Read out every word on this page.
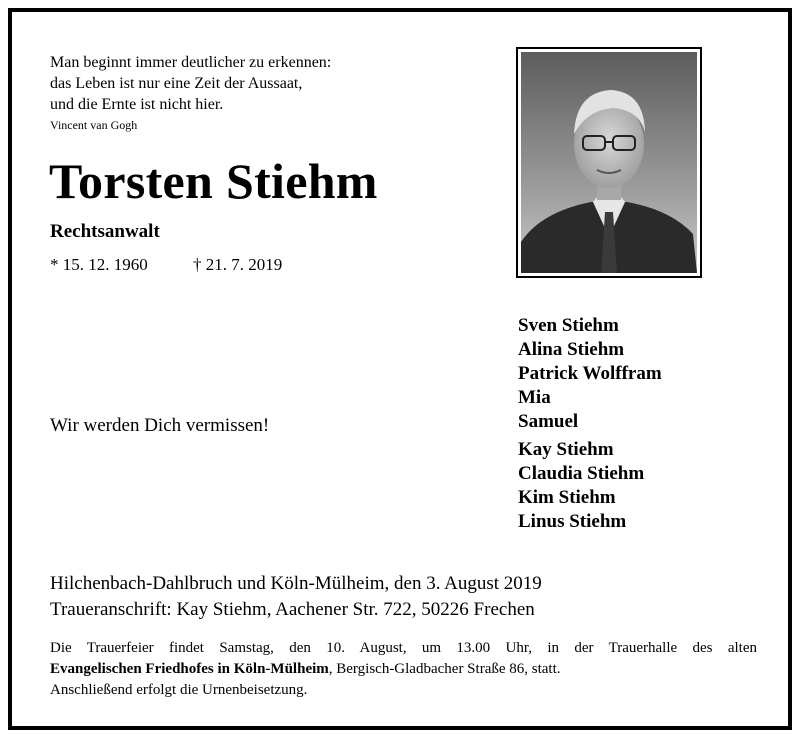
Man beginnt immer deutlicher zu erkennen:
das Leben ist nur eine Zeit der Aussaat,
und die Ernte ist nicht hier.
Vincent van Gogh
Torsten Stiehm
Rechtsanwalt
* 15. 12. 1960	† 21. 7. 2019
Wir werden Dich vermissen!
Sven Stiehm
Alina Stiehm
Patrick Wolffram
Mia
Samuel
Kay Stiehm
Claudia Stiehm
Kim Stiehm
Linus Stiehm
Hilchenbach-Dahlbruch und Köln-Mülheim, den 3. August 2019
Traueranschrift: Kay Stiehm, Aachener Str. 722, 50226 Frechen
Die Trauerfeier findet Samstag, den 10. August, um 13.00 Uhr, in der Trauerhalle des alten
Evangelischen Friedhofes in Köln-Mülheim, Bergisch-Gladbacher Straße 86, statt.
Anschließend erfolgt die Urnenbeisetzung.
